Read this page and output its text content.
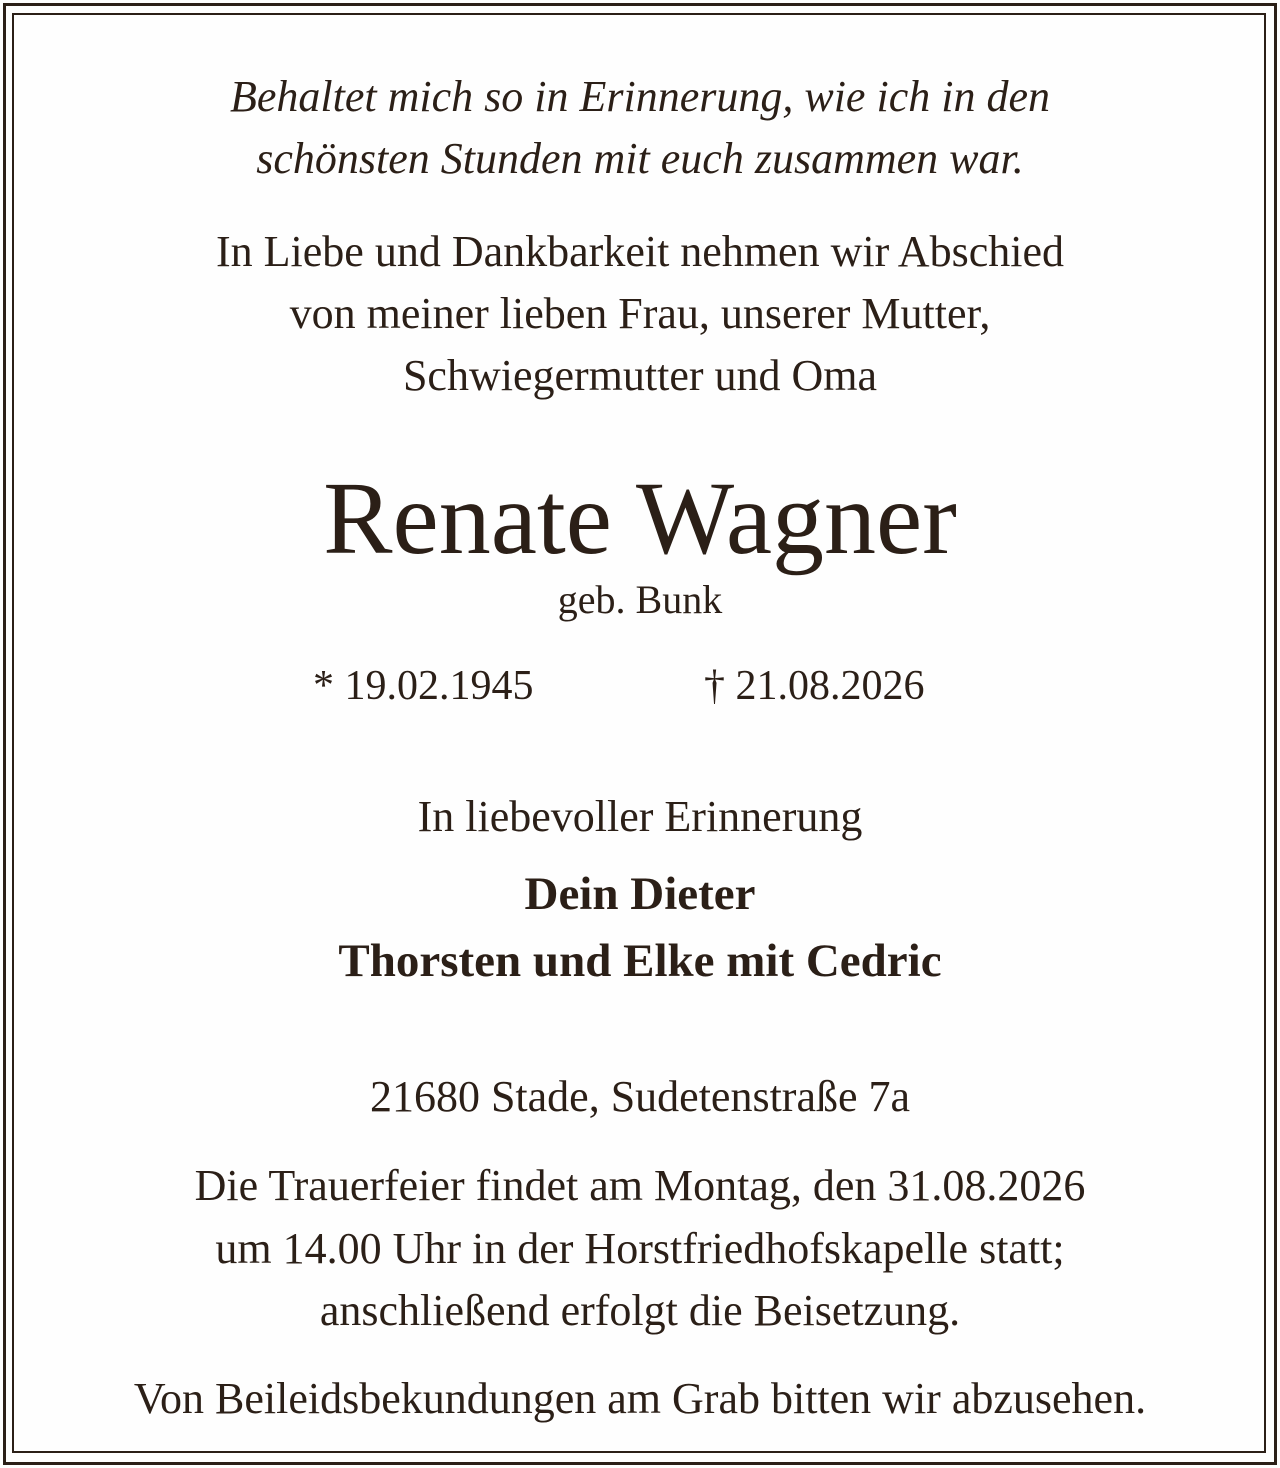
Behaltet mich so in Erinnerung, wie ich in den
schönsten Stunden mit euch zusammen war.
In Liebe und Dankbarkeit nehmen wir Abschied
von meiner lieben Frau, unserer Mutter,
Schwiegermutter und Oma
Renate Wagner
geb. Bunk
* 19.02.1945	† 21.08.2026
In liebevoller Erinnerung
Dein Dieter
Thorsten und Elke mit Cedric
21680 Stade, Sudetenstraße 7a
Die Trauerfeier findet am Montag, den 31.08.2026
um 14.00 Uhr in der Horstfriedhofskapelle statt;
anschließend erfolgt die Beisetzung.
Von Beileidsbekundungen am Grab bitten wir abzusehen.
